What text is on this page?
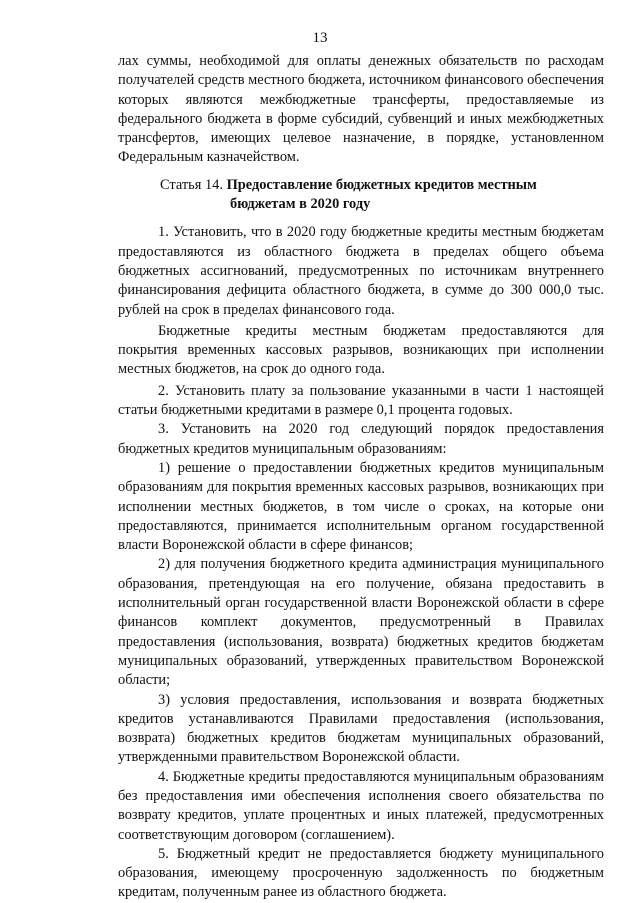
13

лах суммы, необходимой для оплаты денежных обязательств по расходам получателей средств местного бюджета, источником финансового обеспечения которых являются межбюджетные трансферты, предоставляемые из федерального бюджета в форме субсидий, субвенций и иных межбюджетных трансфертов, имеющих целевое назначение, в порядке, установленном Федеральным казначейством.

Статья 14. Предоставление бюджетных кредитов местным
бюджетам в 2020 году

1. Установить, что в 2020 году бюджетные кредиты местным бюджетам предоставляются из областного бюджета в пределах общего объема бюджетных ассигнований, предусмотренных по источникам внутреннего финансирования дефицита областного бюджета, в сумме до 300 000,0 тыс. рублей на срок в пределах финансового года.

Бюджетные кредиты местным бюджетам предоставляются для покрытия временных кассовых разрывов, возникающих при исполнении местных бюджетов, на срок до одного года.

2. Установить плату за пользование указанными в части 1 настоящей статьи бюджетными кредитами в размере 0,1 процента годовых.

3. Установить на 2020 год следующий порядок предоставления бюджетных кредитов муниципальным образованиям:

1) решение о предоставлении бюджетных кредитов муниципальным образованиям для покрытия временных кассовых разрывов, возникающих при исполнении местных бюджетов, в том числе о сроках, на которые они предоставляются, принимается исполнительным органом государственной власти Воронежской области в сфере финансов;

2) для получения бюджетного кредита администрация муниципального образования, претендующая на его получение, обязана предоставить в исполнительный орган государственной власти Воронежской области в сфере финансов комплект документов, предусмотренный в Правилах предоставления (использования, возврата) бюджетных кредитов бюджетам муниципальных образований, утвержденных правительством Воронежской области;

3) условия предоставления, использования и возврата бюджетных кредитов устанавливаются Правилами предоставления (использования, возврата) бюджетных кредитов бюджетам муниципальных образований, утвержденными правительством Воронежской области.

4. Бюджетные кредиты предоставляются муниципальным образованиям без предоставления ими обеспечения исполнения своего обязательства по возврату кредитов, уплате процентных и иных платежей, предусмотренных соответствующим договором (соглашением).

5. Бюджетный кредит не предоставляется бюджету муниципального образования, имеющему просроченную задолженность по бюджетным кредитам, полученным ранее из областного бюджета.
